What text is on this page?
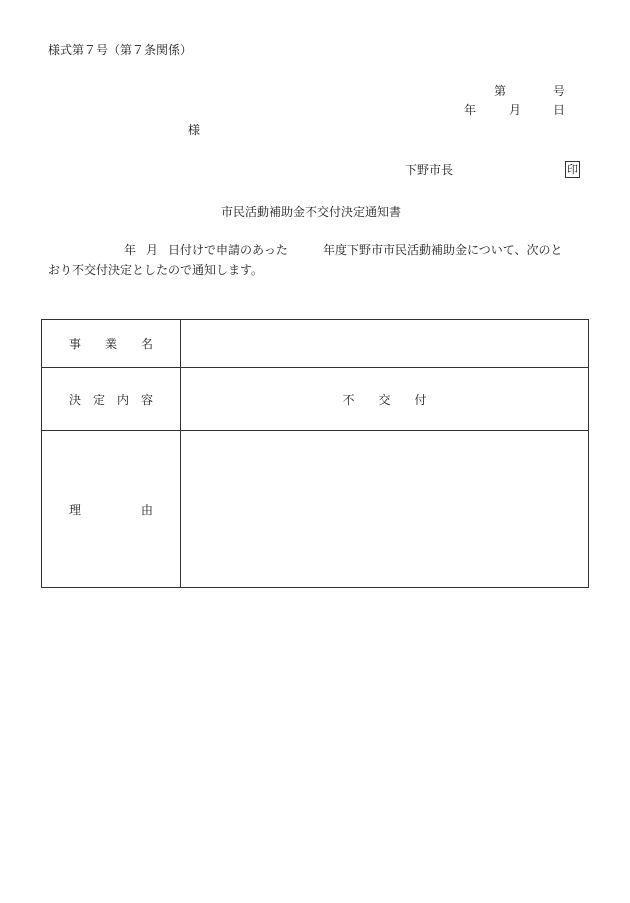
様式第７号（第７条関係）
第	号
年	月	日
様
下野市長	印
市民活動補助金不交付決定通知書
年 月 日付けで申請のあった	年度下野市市民活動補助金について、次のと
おり不交付決定としたので通知します。
事　　業　　名	
決　定　内　容	不　　交　　付
理　　　　　由	
